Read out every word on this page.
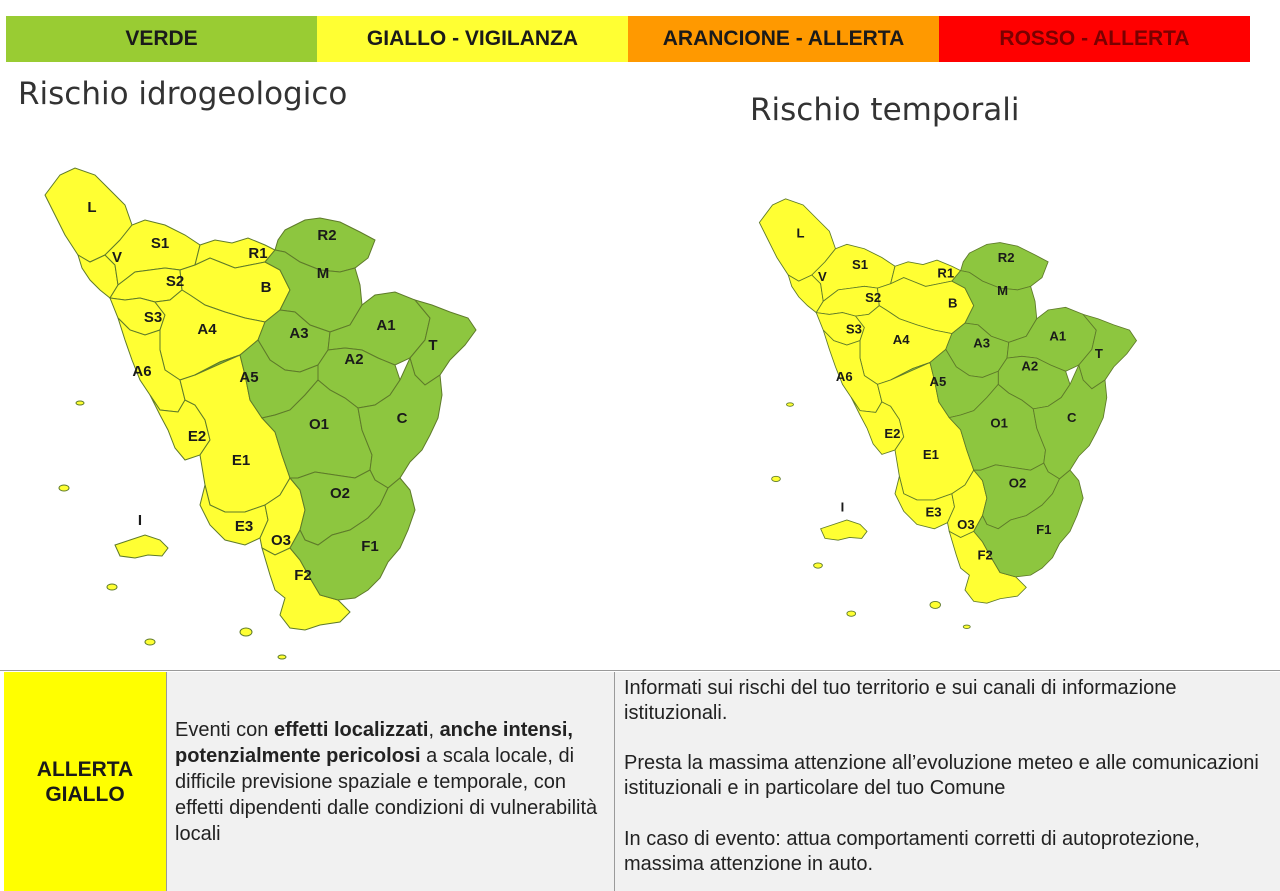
VERDE	GIALLO - VIGILANZA	ARANCIONE - ALLERTA	ROSSO - ALLERTA
Rischio idrogeologico	Rischio temporali
L
V
S1
S2
S3
R1
B
A4
A6
E2
E1
E3
O3
F2
I
R2
M
A3	A1
T
A2
A5
O1	C
O2
F1
L
V
S1
S2
S3
R1
B
A4
A6
E2
E1
E3
O3
F2
I
R2
M
A3	A1
T
A2
A5
O1	C
O2
F1
ALLERTA
GIALLO
Eventi con effetti localizzati, anche intensi, potenzialmente pericolosi a scala locale, di difficile previsione spaziale e temporale, con effetti dipendenti dalle condizioni di vulnerabilità locali

Informati sui rischi del tuo territorio e sui canali di informazione istituzionali.

Presta la massima attenzione all’evoluzione meteo e alle comunicazioni istituzionali e in particolare del tuo Comune

In caso di evento: attua comportamenti corretti di autoprotezione, massima attenzione in auto.
